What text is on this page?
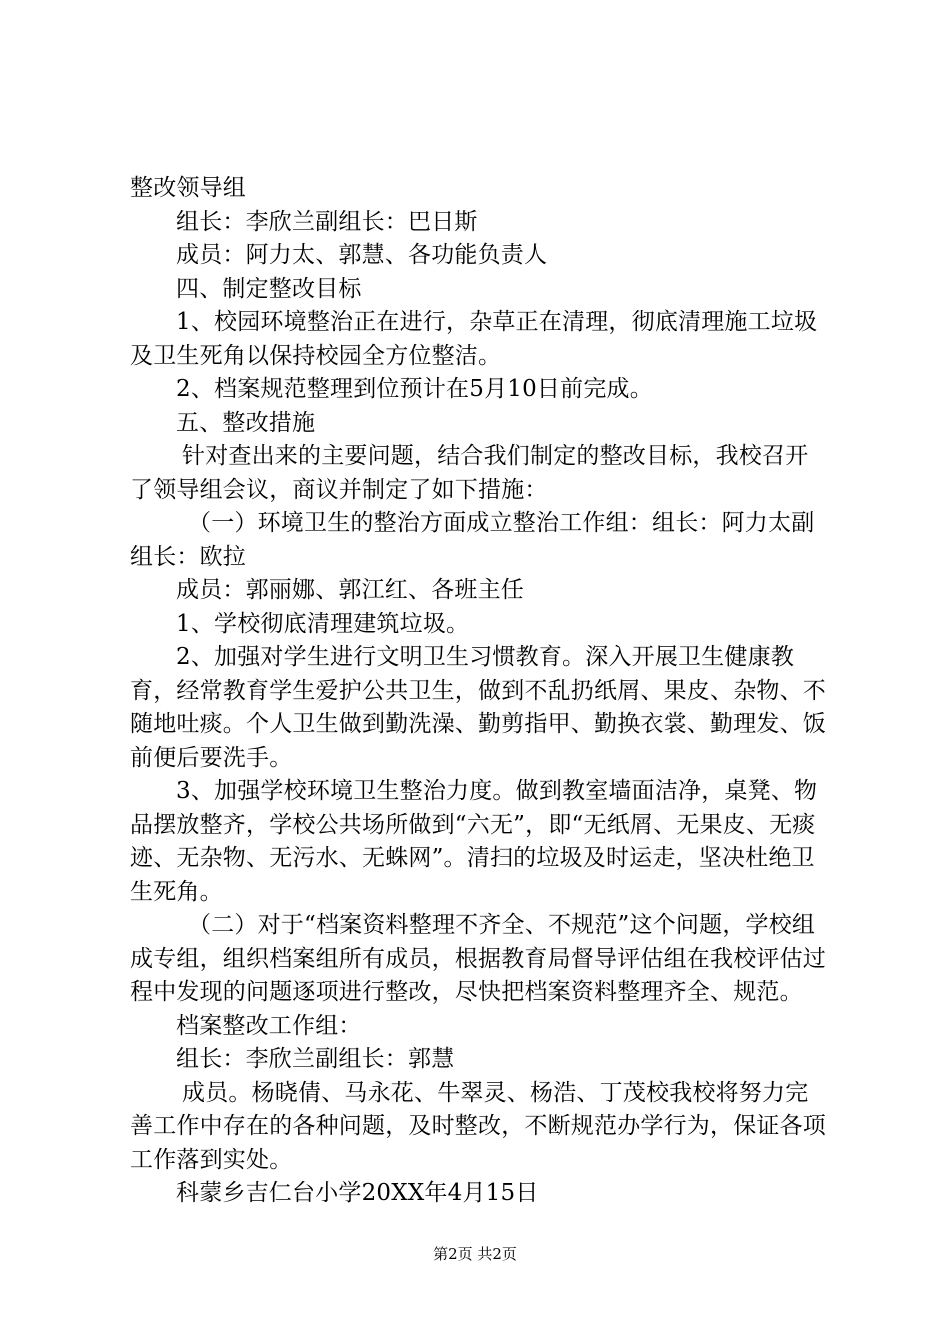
整改领导组

组长：李欣兰副组长：巴日斯

成员：阿力太、郭慧、各功能负责人

四、制定整改目标

1、校园环境整治正在进行，杂草正在清理，彻底清理施工垃圾及卫生死角以保持校园全方位整洁。

2、档案规范整理到位预计在5月10日前完成。

五、整改措施

针对查出来的主要问题，结合我们制定的整改目标，我校召开了领导组会议，商议并制定了如下措施：

（一）环境卫生的整治方面成立整治工作组：组长：阿力太副组长：欧拉

成员：郭丽娜、郭江红、各班主任

1、学校彻底清理建筑垃圾。

2、加强对学生进行文明卫生习惯教育。深入开展卫生健康教育，经常教育学生爱护公共卫生，做到不乱扔纸屑、果皮、杂物、不随地吐痰。个人卫生做到勤洗澡、勤剪指甲、勤换衣裳、勤理发、饭前便后要洗手。

3、加强学校环境卫生整治力度。做到教室墙面洁净，桌凳、物品摆放整齐，学校公共场所做到“六无”，即“无纸屑、无果皮、无痰迹、无杂物、无污水、无蛛网”。清扫的垃圾及时运走，坚决杜绝卫生死角。

（二）对于“档案资料整理不齐全、不规范”这个问题，学校组成专组，组织档案组所有成员，根据教育局督导评估组在我校评估过程中发现的问题逐项进行整改，尽快把档案资料整理齐全、规范。

档案整改工作组：

组长：李欣兰副组长：郭慧

成员。杨晓倩、马永花、牛翠灵、杨浩、丁茂校我校将努力完善工作中存在的各种问题，及时整改，不断规范办学行为，保证各项工作落到实处。

科蒙乡吉仁台小学20XX年4月15日

第2页 共2页
